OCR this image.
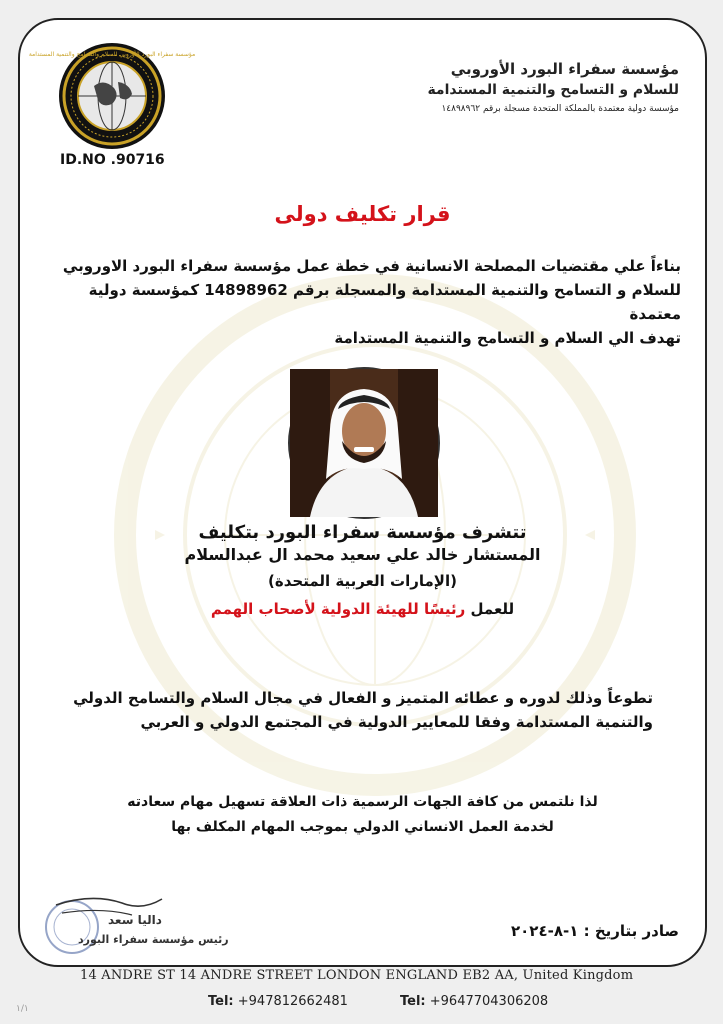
مؤسسة سفراء البورد الأوروبي للسلام والتسامح والتنمية المستدامة
ID.NO .90716
مؤسسة سفراء البورد الأوروبي
للسلام و التسامح والتنمية المستدامة
مؤسسة دولية معتمدة بالمملكة المتحدة مسجلة برقم ١٤٨٩٨٩٦٢
قرار تكليف دولى
بناءاً علي مقتضيات المصلحة الانسانية في خطة عمل مؤسسة سفراء البورد الاوروبي
للسلام و التسامح والتنمية المستدامة والمسجلة برقم 14898962 كمؤسسة دولية معتمدة
تهدف الي السلام و التسامح والتنمية المستدامة
تتشرف مؤسسة سفراء البورد بتكليف
المستشار خالد علي سعيد محمد ال عبدالسلام
(الإمارات العربية المتحدة)
للعمل رئيسًا للهيئة الدولية لأصحاب الهمم
تطوعاً وذلك لدوره و عطائه المتميز و الفعال في مجال السلام والتسامح الدولي
والتنمية المستدامة وفقا للمعايير الدولية في المجتمع الدولي و العربي
لذا نلتمس من كافة الجهات الرسمية ذات العلاقة تسهيل مهام سعادته
لخدمة العمل الانساني الدولي بموجب المهام المكلف بها
داليا سعد
رئيس مؤسسة سفراء البورد	صادر بتاريخ : ١-٨-٢٠٢٤
14 ANDRE ST 14 ANDRE STREET LONDON ENGLAND EB2 AA, United Kingdom
Tel: +947812662481	Tel: +9647704306208
١/١
